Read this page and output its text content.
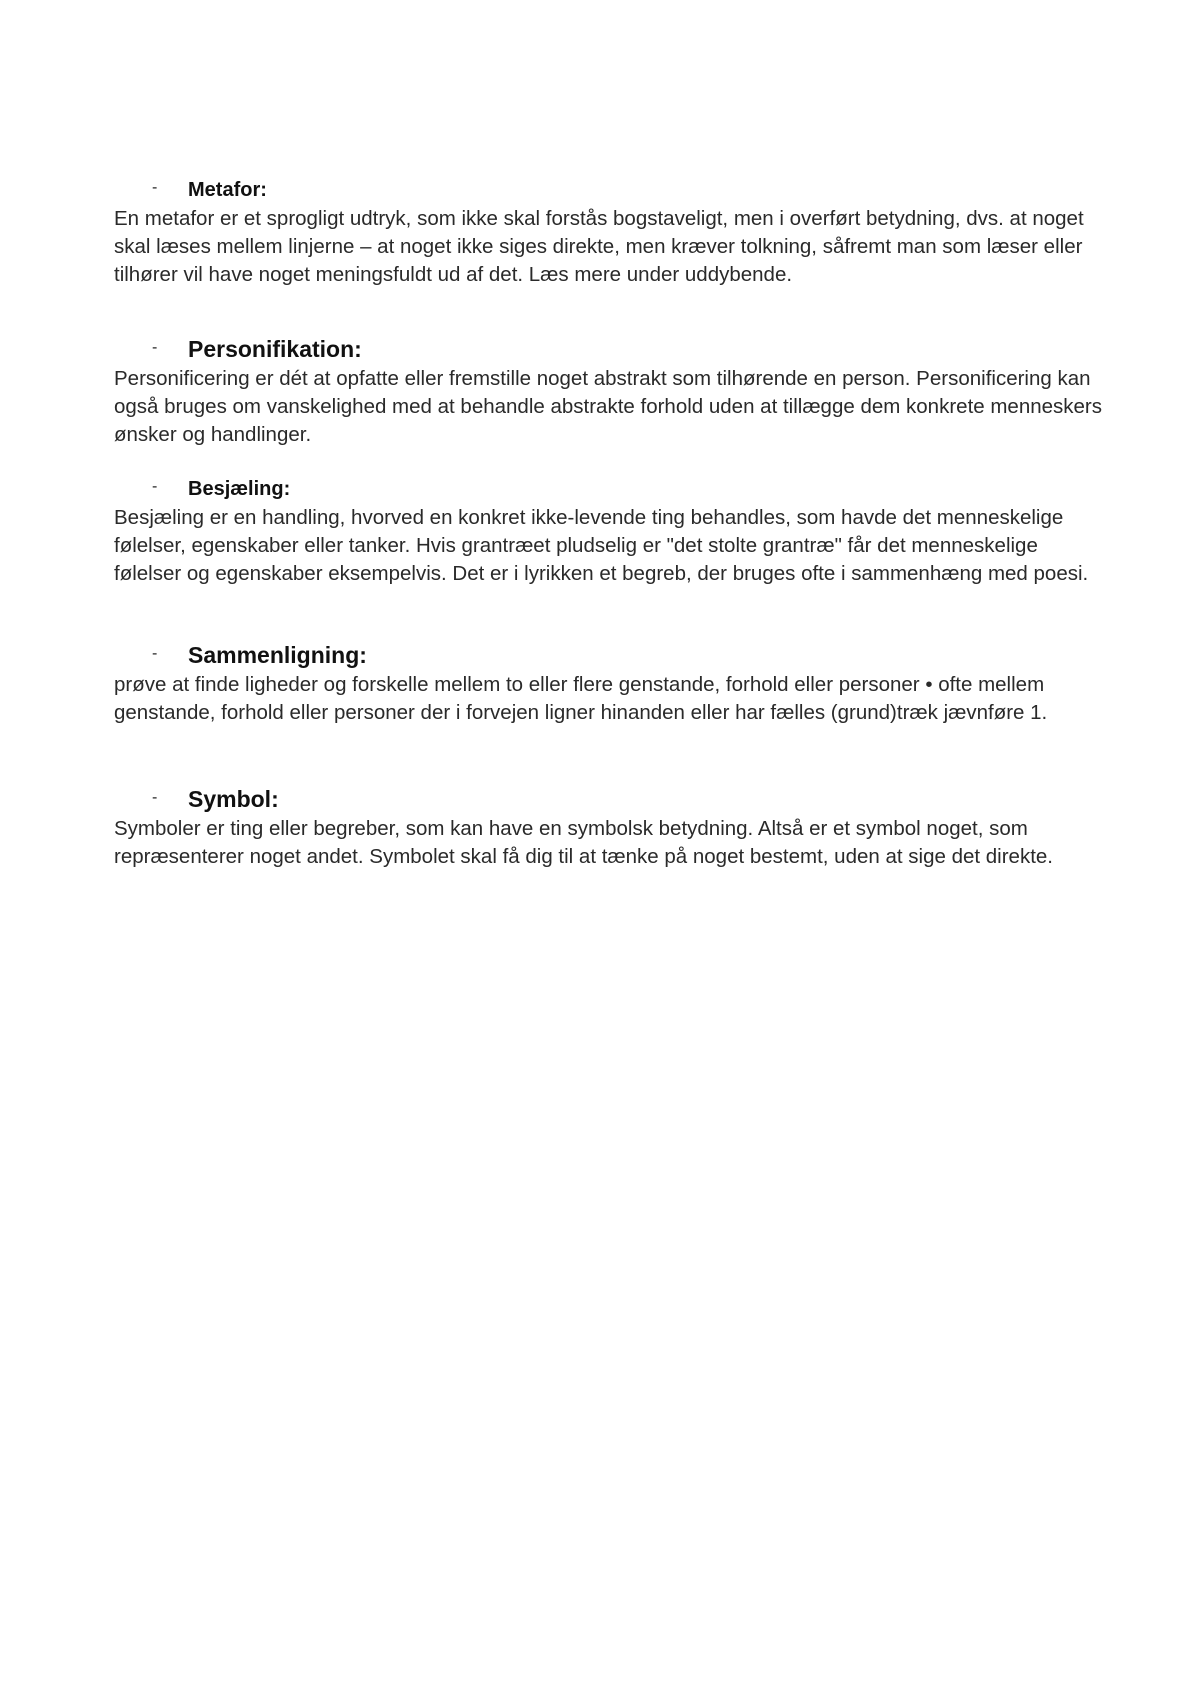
- Metafor:

En metafor er et sprogligt udtryk, som ikke skal forstås bogstaveligt, men i overført betydning, dvs. at noget skal læses mellem linjerne – at noget ikke siges direkte, men kræver tolkning, såfremt man som læser eller tilhører vil have noget meningsfuldt ud af det. Læs mere under uddybende.

- Personifikation:

Personificering er dét at opfatte eller fremstille noget abstrakt som tilhørende en person. Personificering kan også bruges om vanskelighed med at behandle abstrakte forhold uden at tillægge dem konkrete menneskers ønsker og handlinger.

- Besjæling:

Besjæling er en handling, hvorved en konkret ikke-levende ting behandles, som havde det menneskelige følelser, egenskaber eller tanker. Hvis grantræet pludselig er "det stolte grantræ" får det menneskelige følelser og egenskaber eksempelvis. Det er i lyrikken et begreb, der bruges ofte i sammenhæng med poesi.

- Sammenligning:

prøve at finde ligheder og forskelle mellem to eller flere genstande, forhold eller personer • ofte mellem genstande, forhold eller personer der i forvejen ligner hinanden eller har fælles (grund)træk jævnføre 1.

- Symbol:

Symboler er ting eller begreber, som kan have en symbolsk betydning. Altså er et symbol noget, som repræsenterer noget andet. Symbolet skal få dig til at tænke på noget bestemt, uden at sige det direkte.
